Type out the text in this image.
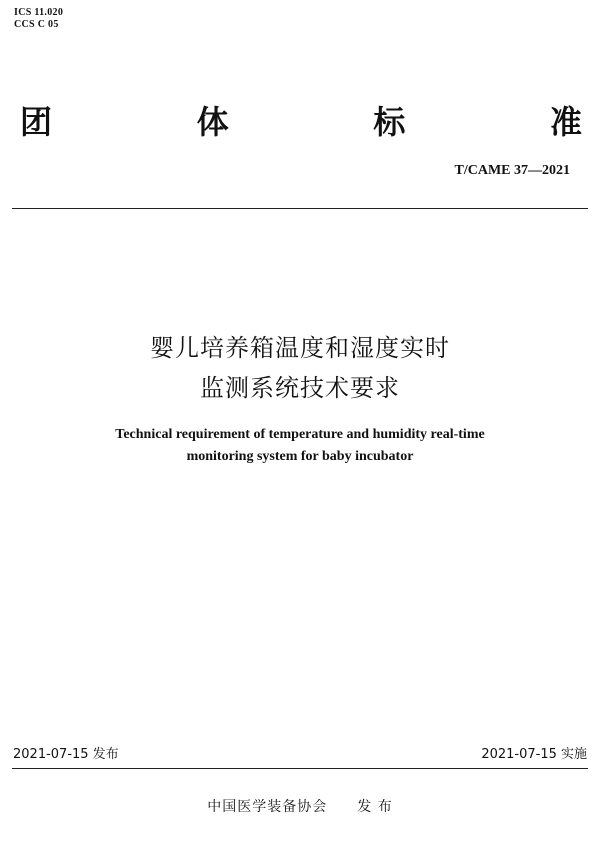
ICS 11.020
CCS C 05
团	体	标	准
T/CAME 37—2021
婴儿培养箱温度和湿度实时
监测系统技术要求
Technical requirement of temperature and humidity real-time
monitoring system for baby incubator
2021-07-15 发布	2021-07-15 实施
中国医学装备协会 发 布
